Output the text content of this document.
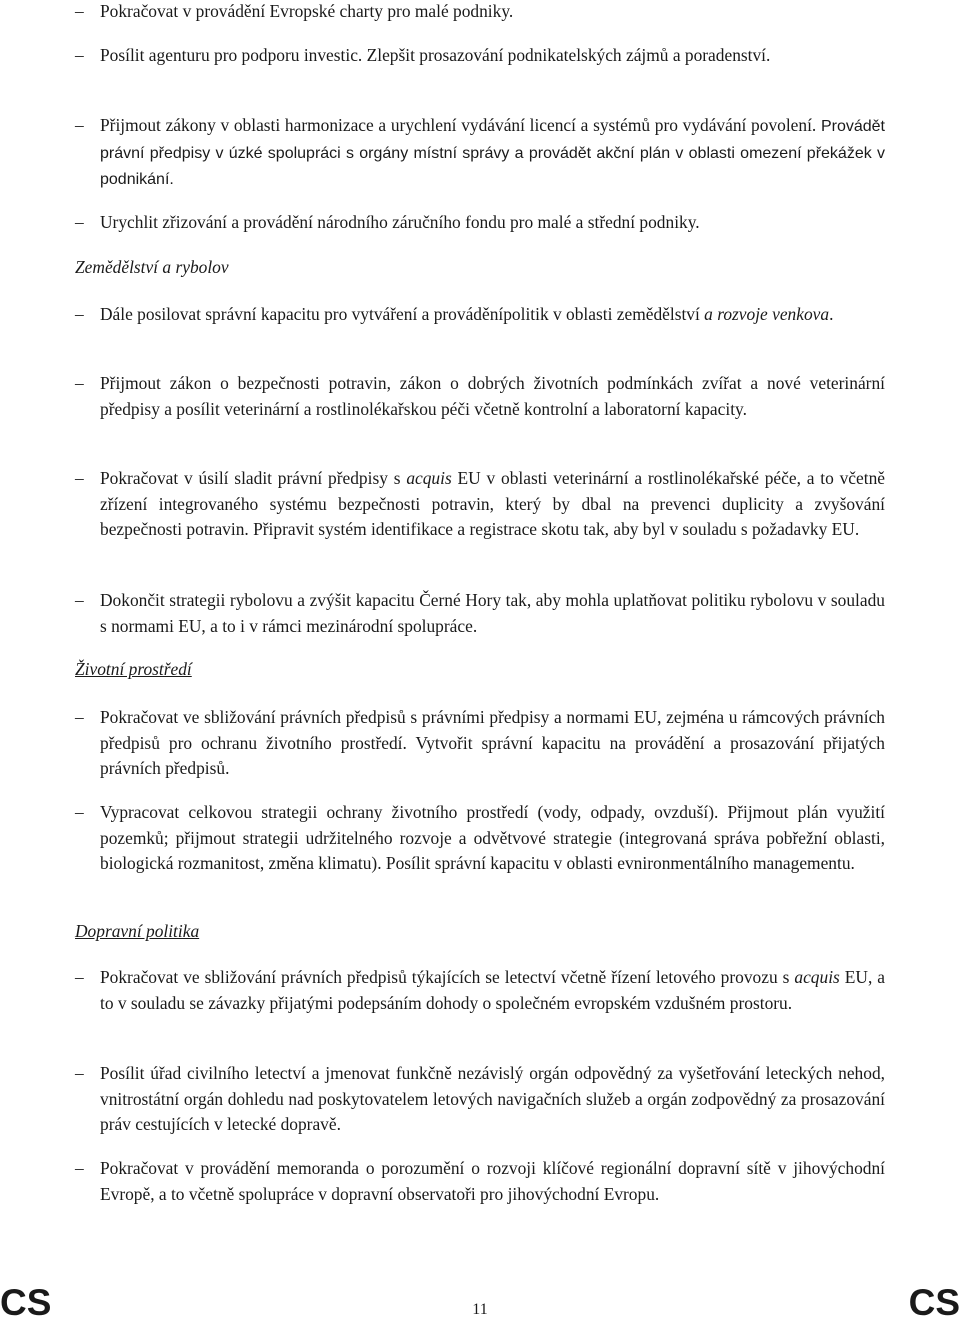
– Pokračovat v provádění Evropské charty pro malé podniky.
– Posílit agenturu pro podporu investic. Zlepšit prosazování podnikatelských zájmů a poradenství.
– Přijmout zákony v oblasti harmonizace a urychlení vydávání licencí a systémů pro vydávání povolení. Provádět právní předpisy v úzké spolupráci s orgány místní správy a provádět akční plán v oblasti omezení překážek v podnikání.
– Urychlit zřizování a provádění národního záručního fondu pro malé a střední podniky.

Zemědělství a rybolov

– Dále posilovat správní kapacitu pro vytváření a prováděnípolitik v oblasti zemědělství a rozvoje venkova.
– Přijmout zákon o bezpečnosti potravin, zákon o dobrých životních podmínkách zvířat a nové veterinární předpisy a posílit veterinární a rostlinolékařskou péči včetně kontrolní a laboratorní kapacity.
– Pokračovat v úsilí sladit právní předpisy s acquis EU v oblasti veterinární a rostlinolékařské péče, a to včetně zřízení integrovaného systému bezpečnosti potravin, který by dbal na prevenci duplicity a zvyšování bezpečnosti potravin. Připravit systém identifikace a registrace skotu tak, aby byl v souladu s požadavky EU.
– Dokončit strategii rybolovu a zvýšit kapacitu Černé Hory tak, aby mohla uplatňovat politiku rybolovu v souladu s normami EU, a to i v rámci mezinárodní spolupráce.

Životní prostředí

– Pokračovat ve sbližování právních předpisů s právními předpisy a normami EU, zejména u rámcových právních předpisů pro ochranu životního prostředí. Vytvořit správní kapacitu na provádění a prosazování přijatých právních předpisů.
– Vypracovat celkovou strategii ochrany životního prostředí (vody, odpady, ovzduší). Přijmout plán využití pozemků; přijmout strategii udržitelného rozvoje a odvětvové strategie (integrovaná správa pobřežní oblasti, biologická rozmanitost, změna klimatu). Posílit správní kapacitu v oblasti evnironmentálního managementu.

Dopravní politika

– Pokračovat ve sbližování právních předpisů týkajících se letectví včetně řízení letového provozu s acquis EU, a to v souladu se závazky přijatými podepsáním dohody o společném evropském vzdušném prostoru.
– Posílit úřad civilního letectví a jmenovat funkčně nezávislý orgán odpovědný za vyšetřování leteckých nehod, vnitrostátní orgán dohledu nad poskytovatelem letových navigačních služeb a orgán zodpovědný za prosazování práv cestujících v letecké dopravě.
– Pokračovat v provádění memoranda o porozumění o rozvoji klíčové regionální dopravní sítě v jihovýchodní Evropě, a to včetně spolupráce v dopravní observatoři pro jihovýchodní Evropu.
CS	11	CS
